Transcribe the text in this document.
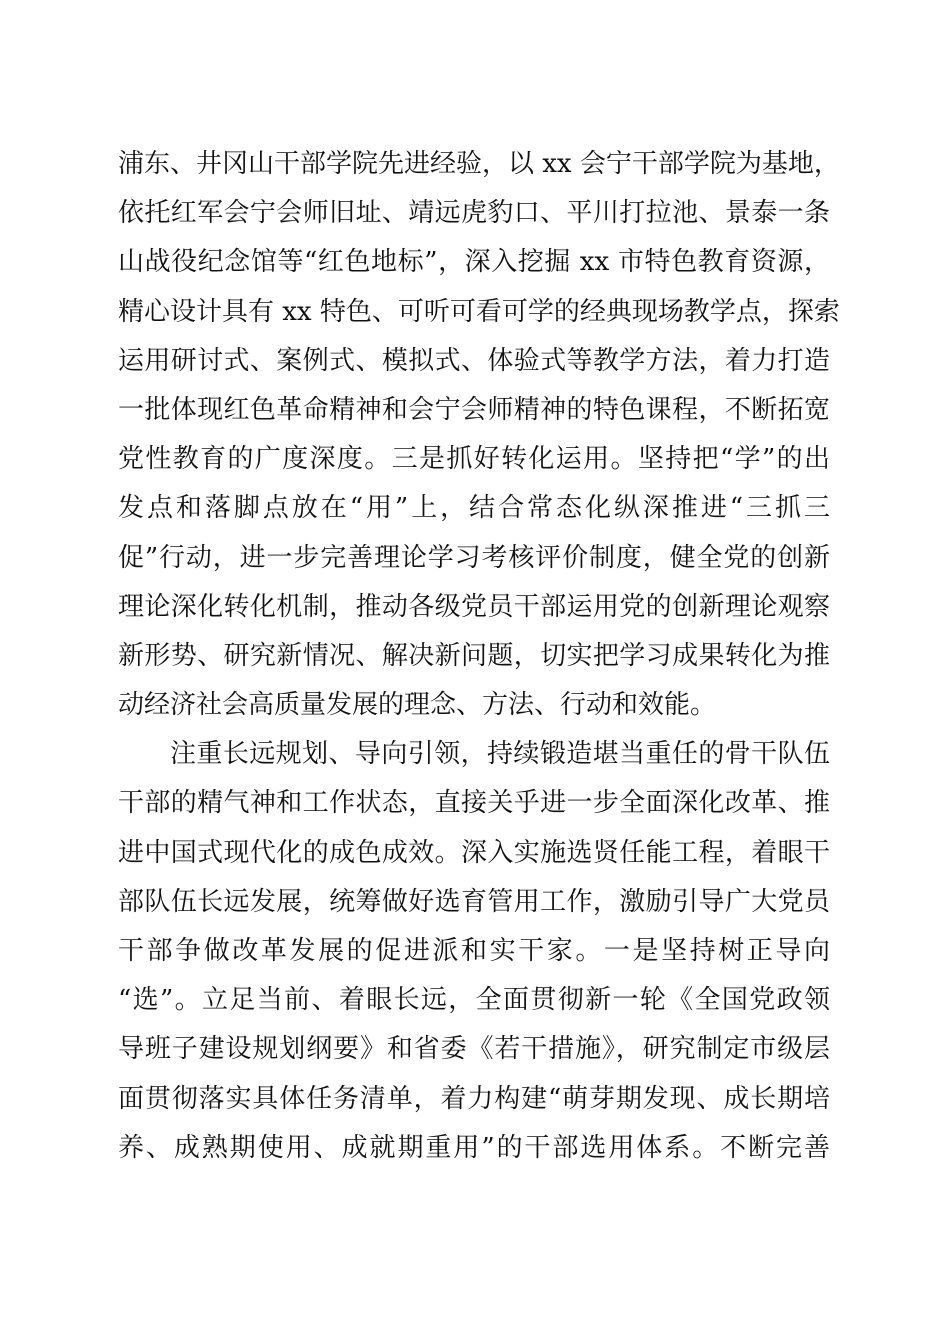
浦东、井冈山干部学院先进经验，以 xx 会宁干部学院为基地，
依托红军会宁会师旧址、靖远虎豹口、平川打拉池、景泰一条
山战役纪念馆等“红色地标”，深入挖掘 xx 市特色教育资源，
精心设计具有 xx 特色、可听可看可学的经典现场教学点，探索
运用研讨式、案例式、模拟式、体验式等教学方法，着力打造
一批体现红色革命精神和会宁会师精神的特色课程，不断拓宽
党性教育的广度深度。三是抓好转化运用。坚持把“学”的出
发点和落脚点放在“用”上，结合常态化纵深推进“三抓三
促”行动，进一步完善理论学习考核评价制度，健全党的创新
理论深化转化机制，推动各级党员干部运用党的创新理论观察
新形势、研究新情况、解决新问题，切实把学习成果转化为推
动经济社会高质量发展的理念、方法、行动和效能。
注重长远规划、导向引领，持续锻造堪当重任的骨干队伍
干部的精气神和工作状态，直接关乎进一步全面深化改革、推
进中国式现代化的成色成效。深入实施选贤任能工程，着眼干
部队伍长远发展，统筹做好选育管用工作，激励引导广大党员
干部争做改革发展的促进派和实干家。一是坚持树正导向
“选”。立足当前、着眼长远，全面贯彻新一轮《全国党政领
导班子建设规划纲要》和省委《若干措施》，研究制定市级层
面贯彻落实具体任务清单，着力构建“萌芽期发现、成长期培
养、成熟期使用、成就期重用”的干部选用体系。不断完善
